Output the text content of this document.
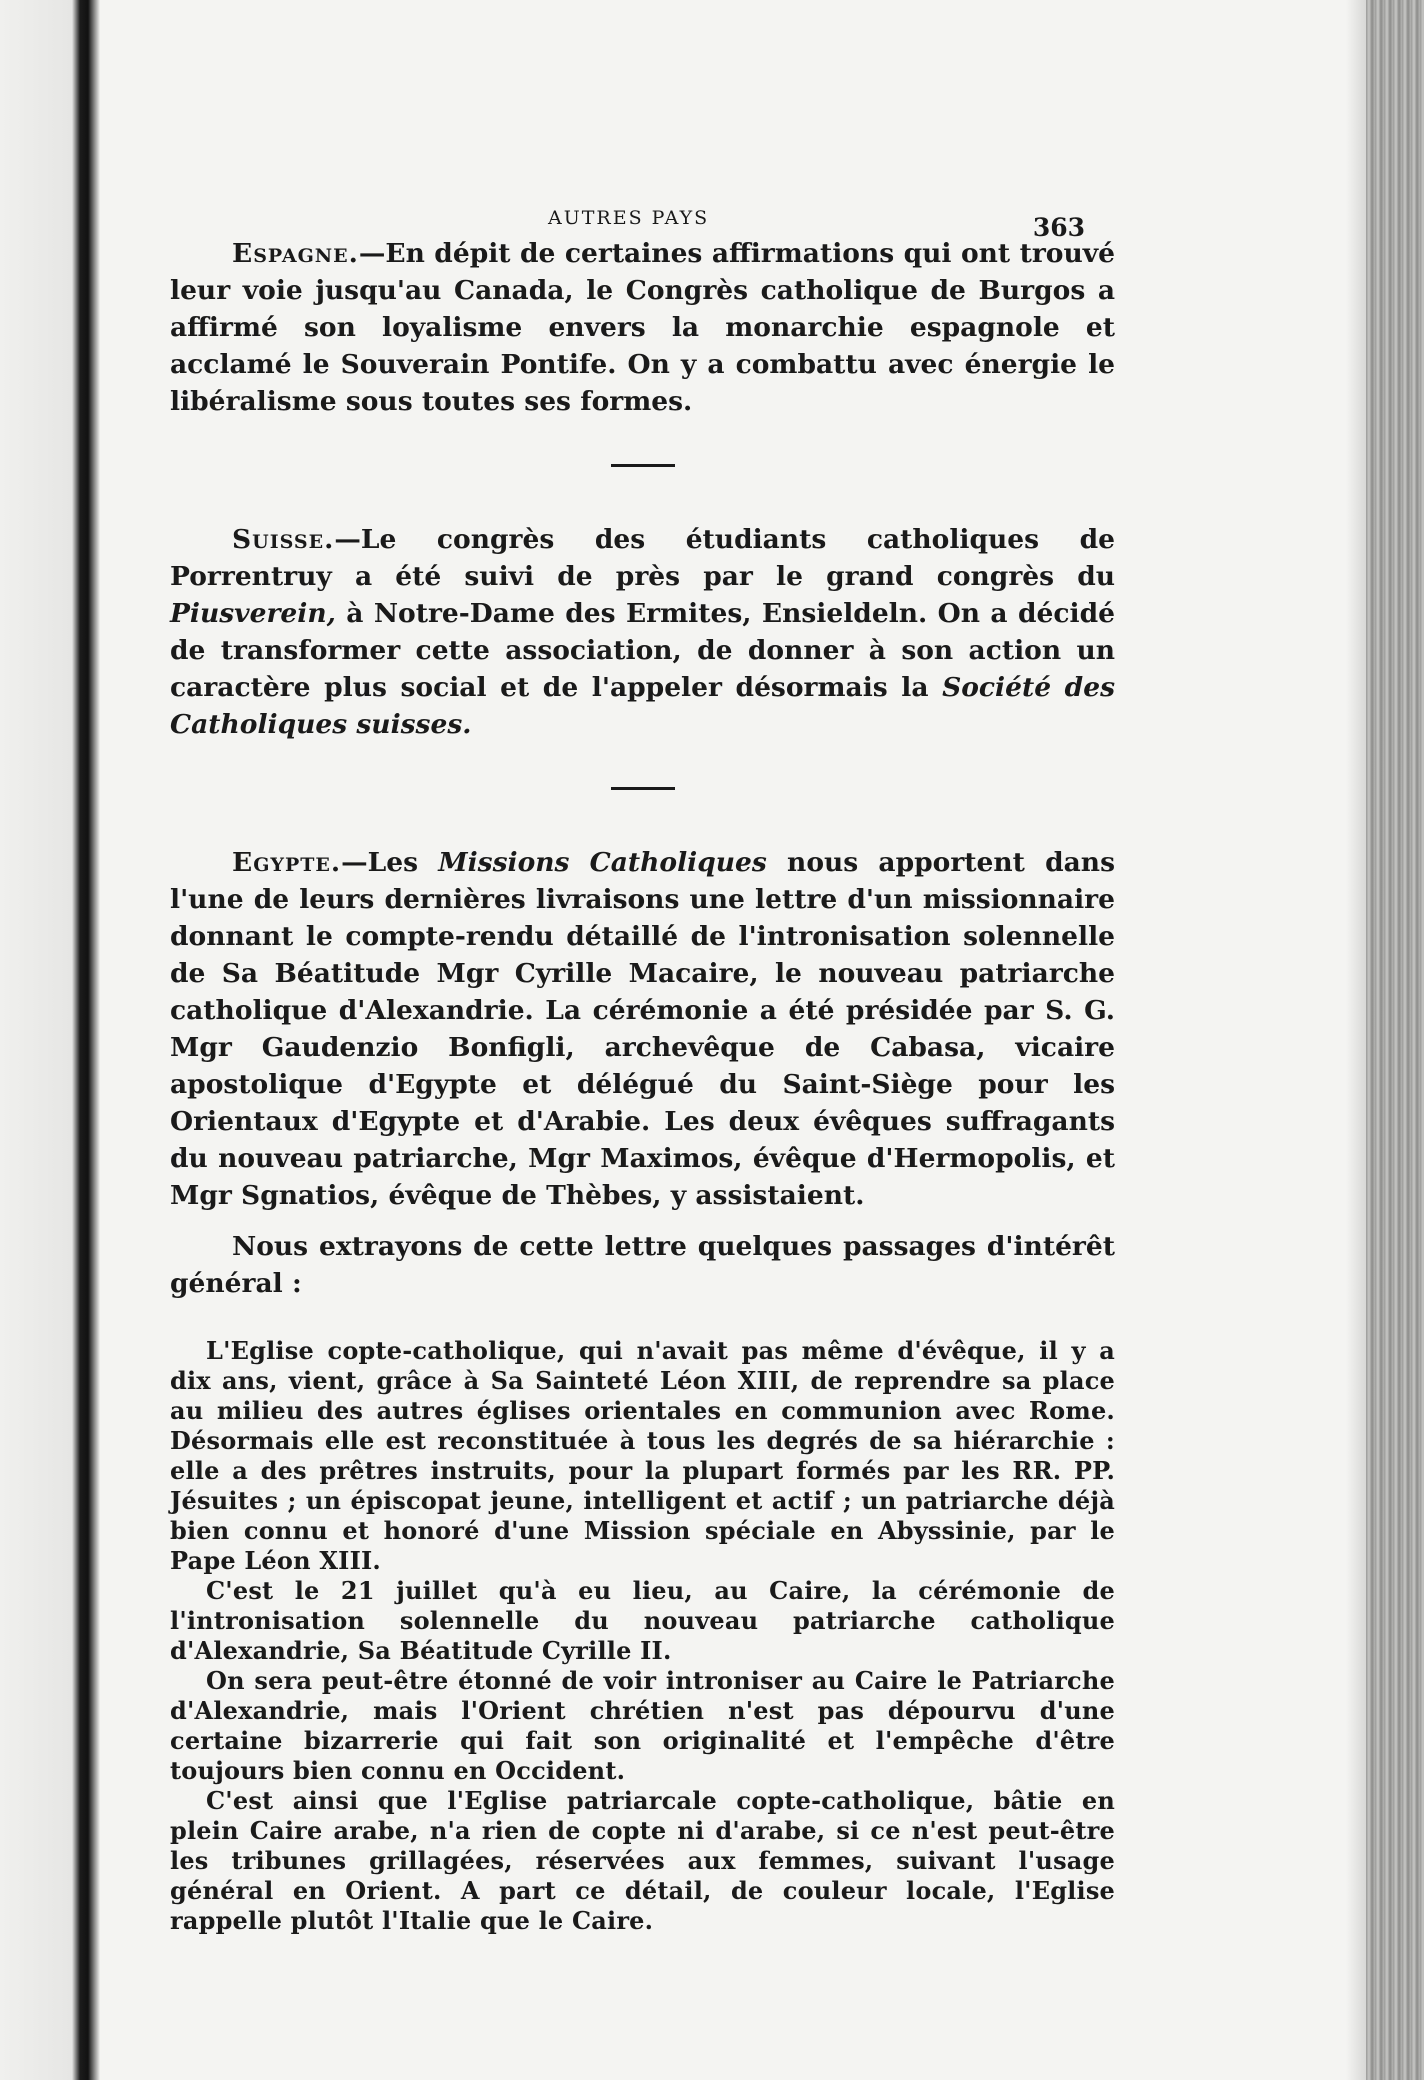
AUTRES PAYS	363

Espagne.—En dépit de certaines affirmations qui ont trouvé leur voie jusqu'au Canada, le Congrès catholique de Burgos a affirmé son loyalisme envers la monarchie espagnole et acclamé le Souverain Pontife. On y a combattu avec énergie le libéralisme sous toutes ses formes.

Suisse.—Le congrès des étudiants catholiques de Porrentruy a été suivi de près par le grand congrès du Piusverein, à Notre-Dame des Ermites, Ensieldeln. On a décidé de transformer cette association, de donner à son action un caractère plus social et de l'appeler désormais la Société des Catholiques suisses.

Egypte.—Les Missions Catholiques nous apportent dans l'une de leurs dernières livraisons une lettre d'un missionnaire donnant le compte-rendu détaillé de l'intronisation solennelle de Sa Béatitude Mgr Cyrille Macaire, le nouveau patriarche catholique d'Alexandrie. La cérémonie a été présidée par S. G. Mgr Gaudenzio Bonfigli, archevêque de Cabasa, vicaire apostolique d'Egypte et délégué du Saint-Siège pour les Orientaux d'Egypte et d'Arabie. Les deux évêques suffragants du nouveau patriarche, Mgr Maximos, évêque d'Hermopolis, et Mgr Sgnatios, évêque de Thèbes, y assistaient.

Nous extrayons de cette lettre quelques passages d'intérêt général :

L'Eglise copte-catholique, qui n'avait pas même d'évêque, il y a dix ans, vient, grâce à Sa Sainteté Léon XIII, de reprendre sa place au milieu des autres églises orientales en communion avec Rome. Désormais elle est reconstituée à tous les degrés de sa hiérarchie : elle a des prêtres instruits, pour la plupart formés par les RR. PP. Jésuites ; un épiscopat jeune, intelligent et actif ; un patriarche déjà bien connu et honoré d'une Mission spéciale en Abyssinie, par le Pape Léon XIII.

C'est le 21 juillet qu'à eu lieu, au Caire, la cérémonie de l'intronisation solennelle du nouveau patriarche catholique d'Alexandrie, Sa Béatitude Cyrille II.

On sera peut-être étonné de voir introniser au Caire le Patriarche d'Alexandrie, mais l'Orient chrétien n'est pas dépourvu d'une certaine bizarrerie qui fait son originalité et l'empêche d'être toujours bien connu en Occident.

C'est ainsi que l'Eglise patriarcale copte-catholique, bâtie en plein Caire arabe, n'a rien de copte ni d'arabe, si ce n'est peut-être les tribunes grillagées, réservées aux femmes, suivant l'usage général en Orient. A part ce détail, de couleur locale, l'Eglise rappelle plutôt l'Italie que le Caire.
